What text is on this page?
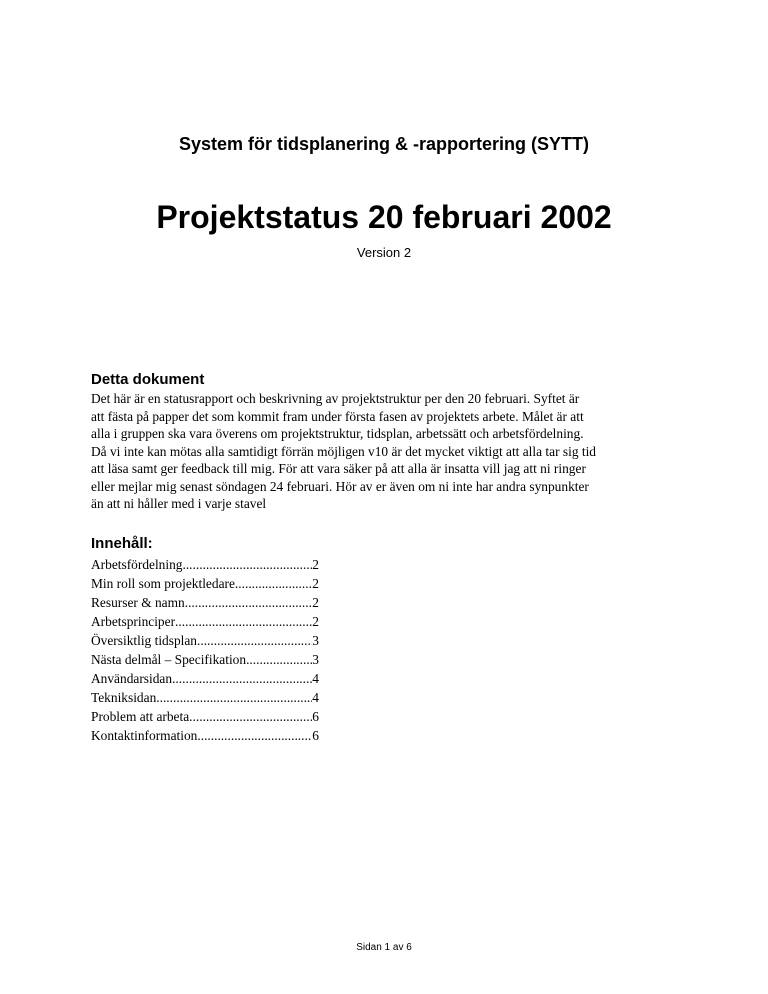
System för tidsplanering & -rapportering (SYTT)
Projektstatus 20 februari 2002

Version 2

Detta dokument

Det här är en statusrapport och beskrivning av projektstruktur per den 20 februari. Syftet är
att fästa på papper det som kommit fram under första fasen av projektets arbete. Målet är att
alla i gruppen ska vara överens om projektstruktur, tidsplan, arbetssätt och arbetsfördelning.
Då vi inte kan mötas alla samtidigt förrän möjligen v10 är det mycket viktigt att alla tar sig tid
att läsa samt ger feedback till mig. För att vara säker på att alla är insatta vill jag att ni ringer
eller mejlar mig senast söndagen 24 februari. Hör av er även om ni inte har andra synpunkter
än att ni håller med i varje stavel

Innehåll:
Arbetsfördelning .....	2
Min roll som projektledare .....	2
Resurser & namn .....	2
Arbetsprinciper .....	2
Översiktlig tidsplan .....	3
Nästa delmål – Specifikation .....	3
Användarsidan .....	4
Tekniksidan .....	4
Problem att arbeta .....	6
Kontaktinformation .....	6

Sidan 1 av 6
